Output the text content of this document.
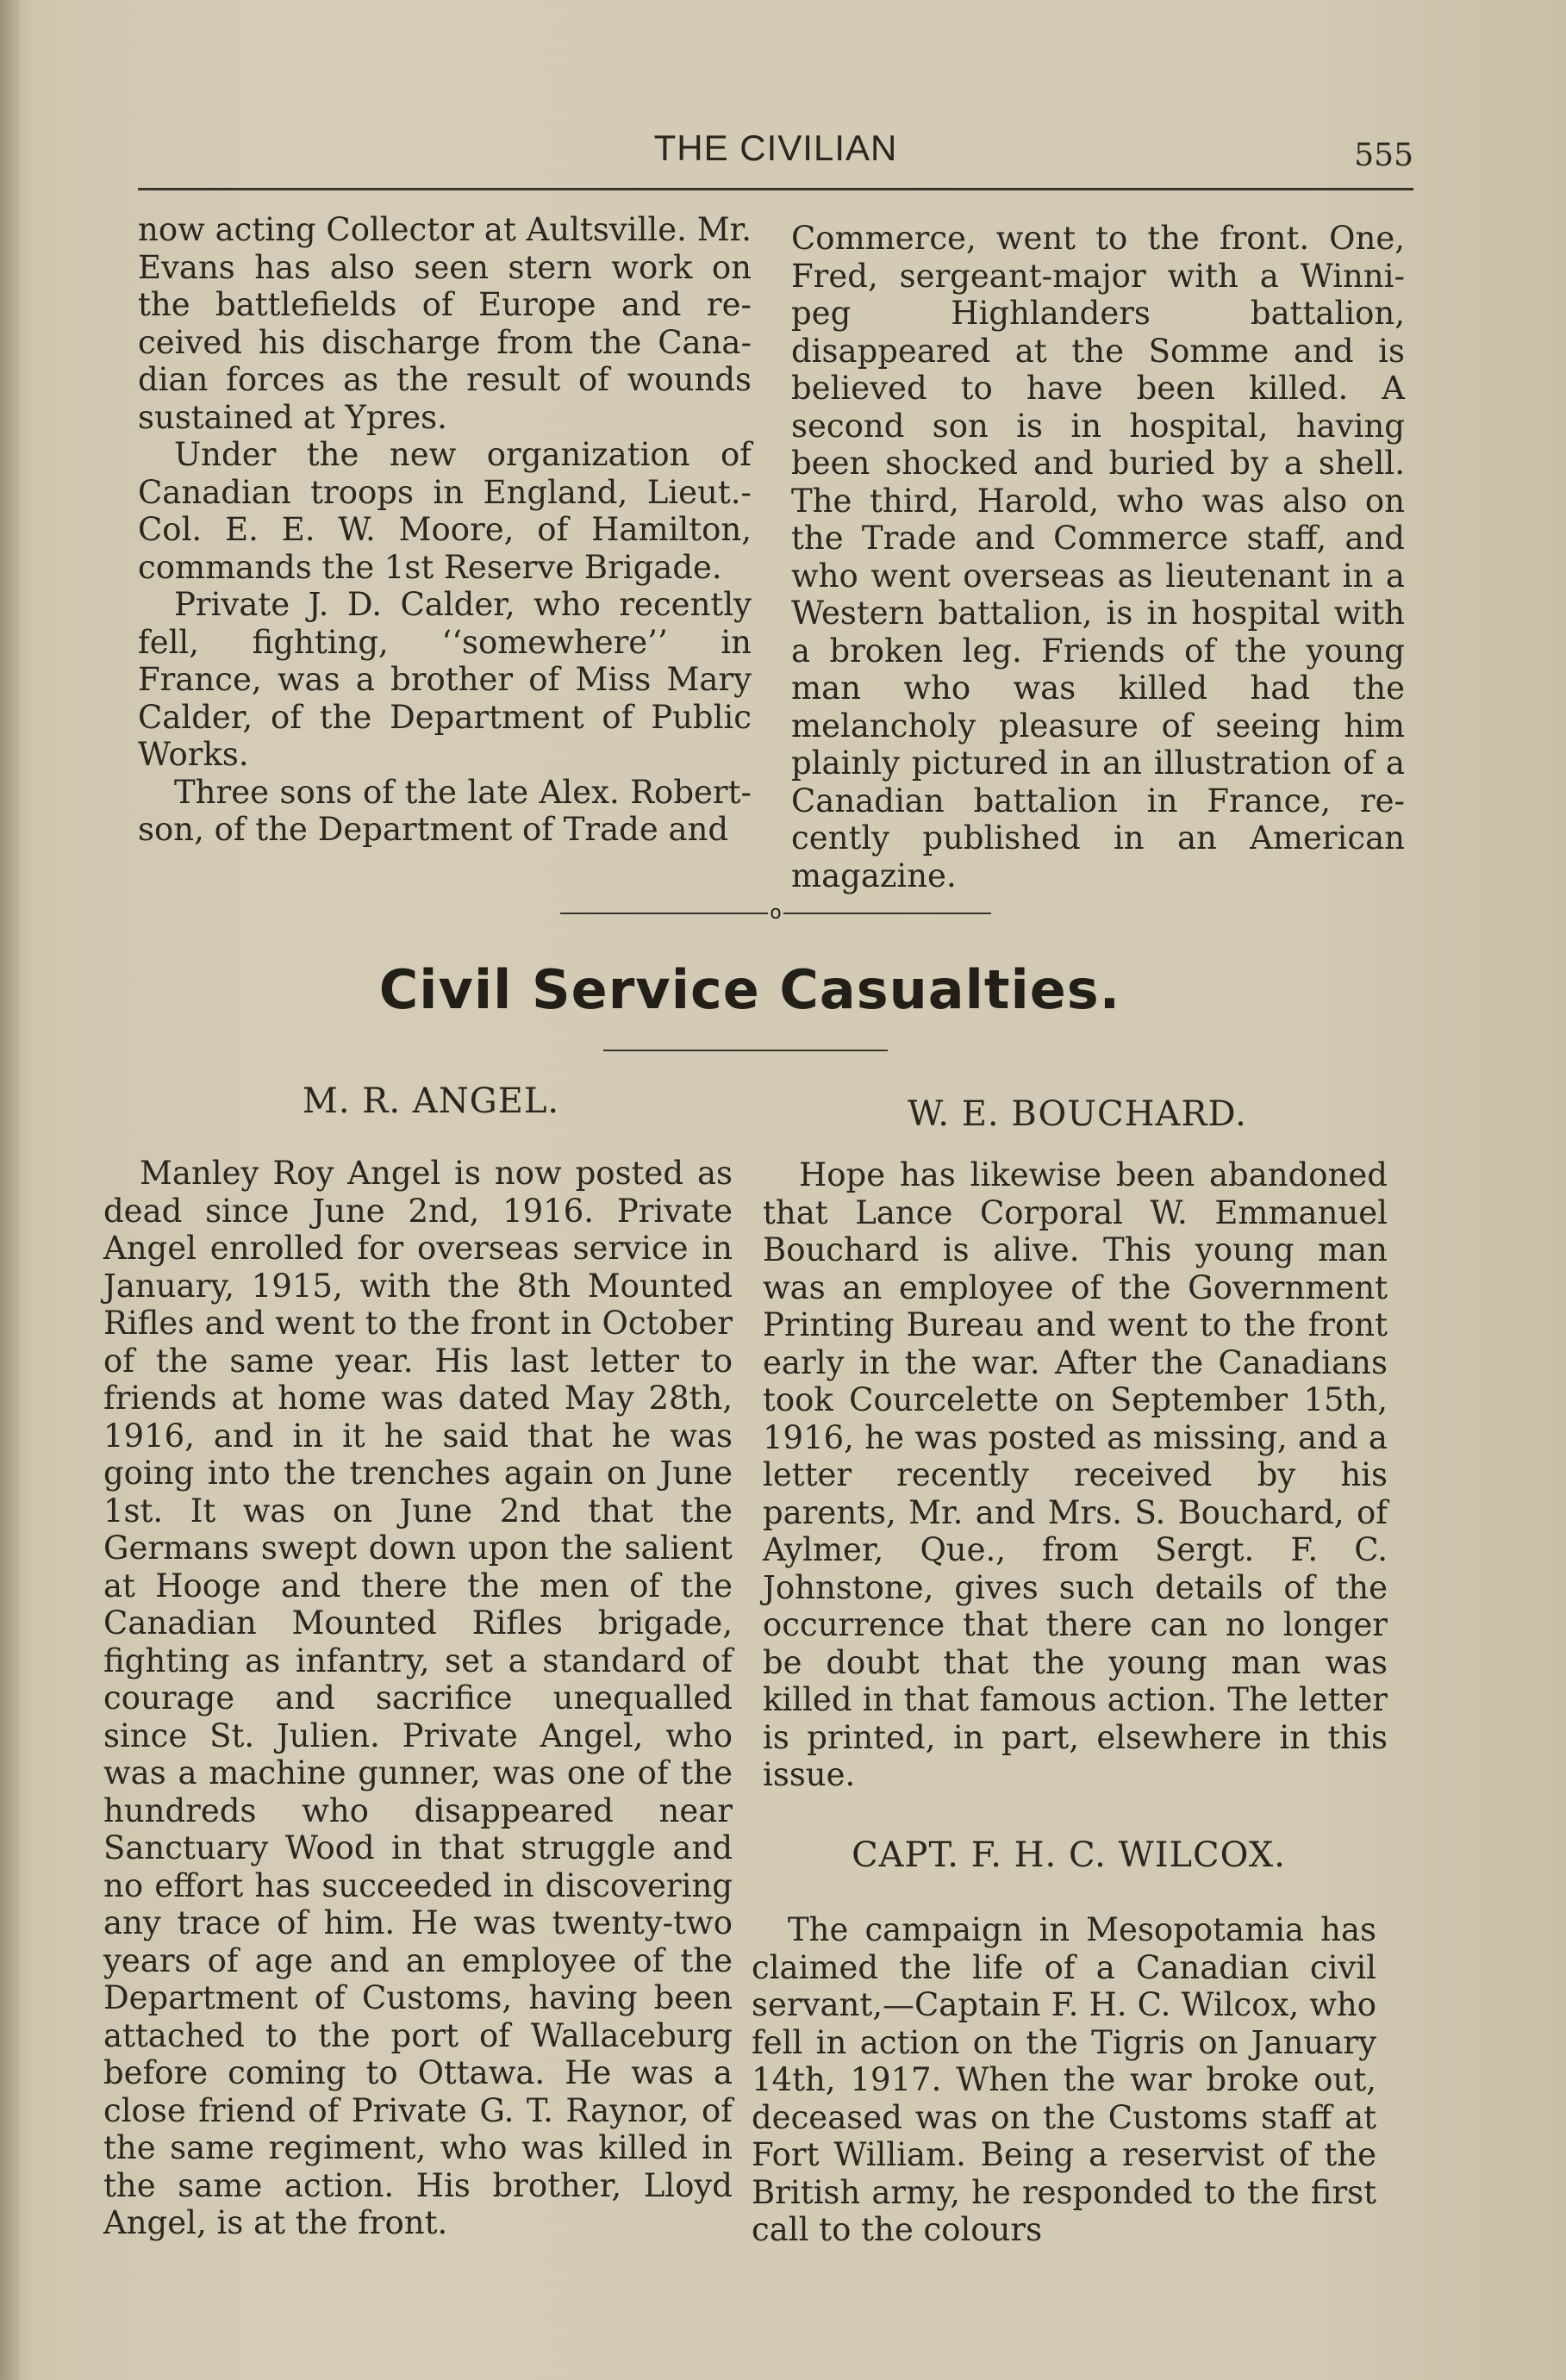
THE CIVILIAN	555

now acting Collector at Aultsville. Mr. Evans has also seen stern work on the battlefields of Europe and received his discharge from the Canadian forces as the result of wounds sustained at Ypres.

Under the new organization of Canadian troops in England, Lieut.-Col. E. E. W. Moore, of Hamilton, commands the 1st Reserve Brigade.

Private J. D. Calder, who recently fell, fighting, ‘‘somewhere’’ in France, was a brother of Miss Mary Calder, of the Department of Public Works.

Three sons of the late Alex. Robertson, of the Department of Trade and

Commerce, went to the front. One, Fred, sergeant-major with a Winnipeg Highlanders battalion, disappeared at the Somme and is believed to have been killed. A second son is in hospital, having been shocked and buried by a shell. The third, Harold, who was also on the Trade and Commerce staff, and who went overseas as lieutenant in a Western battalion, is in hospital with a broken leg. Friends of the young man who was killed had the melancholy pleasure of seeing him plainly pictured in an illustration of a Canadian battalion in France, recently published in an American magazine.

o
Civil Service Casualties.
M. R. ANGEL.

Manley Roy Angel is now posted as dead since June 2nd, 1916. Private Angel enrolled for overseas service in January, 1915, with the 8th Mounted Rifles and went to the front in October of the same year. His last letter to friends at home was dated May 28th, 1916, and in it he said that he was going into the trenches again on June 1st. It was on June 2nd that the Germans swept down upon the salient at Hooge and there the men of the Canadian Mounted Rifles brigade, fighting as infantry, set a standard of courage and sacrifice unequalled since St. Julien. Private Angel, who was a machine gunner, was one of the hundreds who disappeared near Sanctuary Wood in that struggle and no effort has succeeded in discovering any trace of him. He was twenty-two years of age and an employee of the Department of Customs, having been attached to the port of Wallaceburg before coming to Ottawa. He was a close friend of Private G. T. Raynor, of the same regiment, who was killed in the same action. His brother, Lloyd Angel, is at the front.

W. E. BOUCHARD.

Hope has likewise been abandoned that Lance Corporal W. Emmanuel Bouchard is alive. This young man was an employee of the Government Printing Bureau and went to the front early in the war. After the Canadians took Courcelette on September 15th, 1916, he was posted as missing, and a letter recently received by his parents, Mr. and Mrs. S. Bouchard, of Aylmer, Que., from Sergt. F. C. Johnstone, gives such details of the occurrence that there can no longer be doubt that the young man was killed in that famous action. The letter is printed, in part, elsewhere in this issue.

CAPT. F. H. C. WILCOX.

The campaign in Mesopotamia has claimed the life of a Canadian civil servant,—Captain F. H. C. Wilcox, who fell in action on the Tigris on January 14th, 1917. When the war broke out, deceased was on the Customs staff at Fort William. Being a reservist of the British army, he responded to the first call to the colours
